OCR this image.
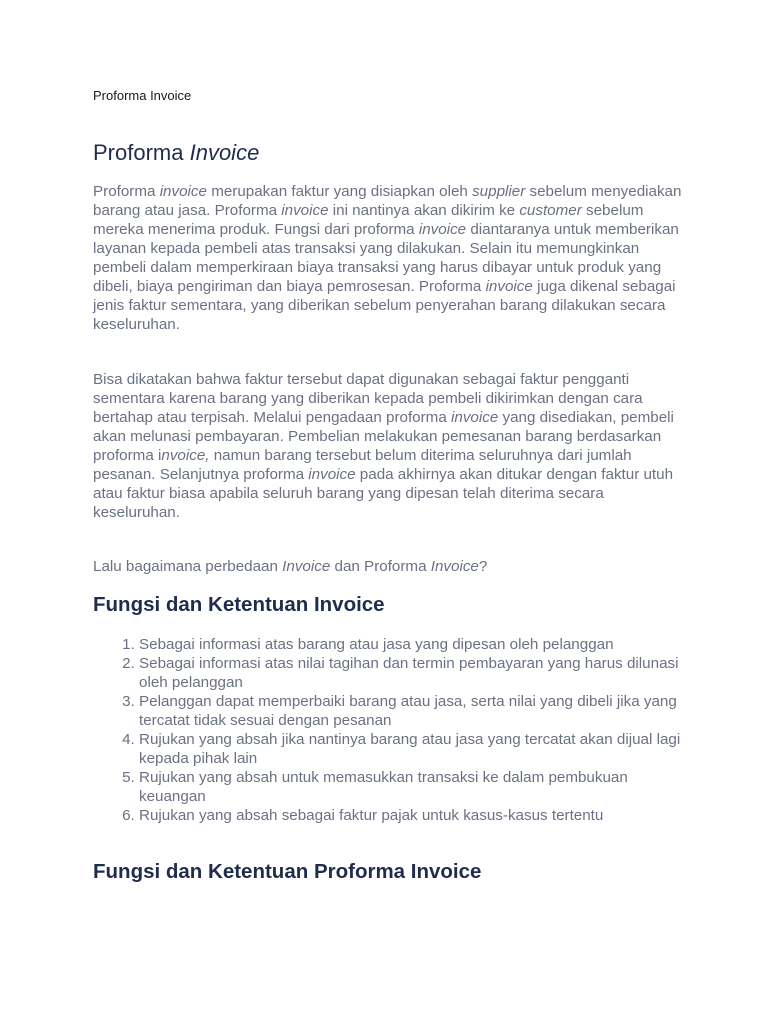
Proforma Invoice

Proforma Invoice

Proforma invoice merupakan faktur yang disiapkan oleh supplier sebelum menyediakan barang atau jasa. Proforma invoice ini nantinya akan dikirim ke customer sebelum mereka menerima produk. Fungsi dari proforma invoice diantaranya untuk memberikan layanan kepada pembeli atas transaksi yang dilakukan. Selain itu memungkinkan pembeli dalam memperkiraan biaya transaksi yang harus dibayar untuk produk yang dibeli, biaya pengiriman dan biaya pemrosesan. Proforma invoice juga dikenal sebagai jenis faktur sementara, yang diberikan sebelum penyerahan barang dilakukan secara keseluruhan.

Bisa dikatakan bahwa faktur tersebut dapat digunakan sebagai faktur pengganti sementara karena barang yang diberikan kepada pembeli dikirimkan dengan cara bertahap atau terpisah. Melalui pengadaan proforma invoice yang disediakan, pembeli akan melunasi pembayaran. Pembelian melakukan pemesanan barang berdasarkan proforma invoice, namun barang tersebut belum diterima seluruhnya dari jumlah pesanan. Selanjutnya proforma invoice pada akhirnya akan ditukar dengan faktur utuh atau faktur biasa apabila seluruh barang yang dipesan telah diterima secara keseluruhan.

Lalu bagaimana perbedaan Invoice dan Proforma Invoice?

Fungsi dan Ketentuan Invoice
1. Sebagai informasi atas barang atau jasa yang dipesan oleh pelanggan
2. Sebagai informasi atas nilai tagihan dan termin pembayaran yang harus dilunasi oleh pelanggan
3. Pelanggan dapat memperbaiki barang atau jasa, serta nilai yang dibeli jika yang tercatat tidak sesuai dengan pesanan
4. Rujukan yang absah jika nantinya barang atau jasa yang tercatat akan dijual lagi kepada pihak lain
5. Rujukan yang absah untuk memasukkan transaksi ke dalam pembukuan keuangan
6. Rujukan yang absah sebagai faktur pajak untuk kasus-kasus tertentu
Fungsi dan Ketentuan Proforma Invoice
